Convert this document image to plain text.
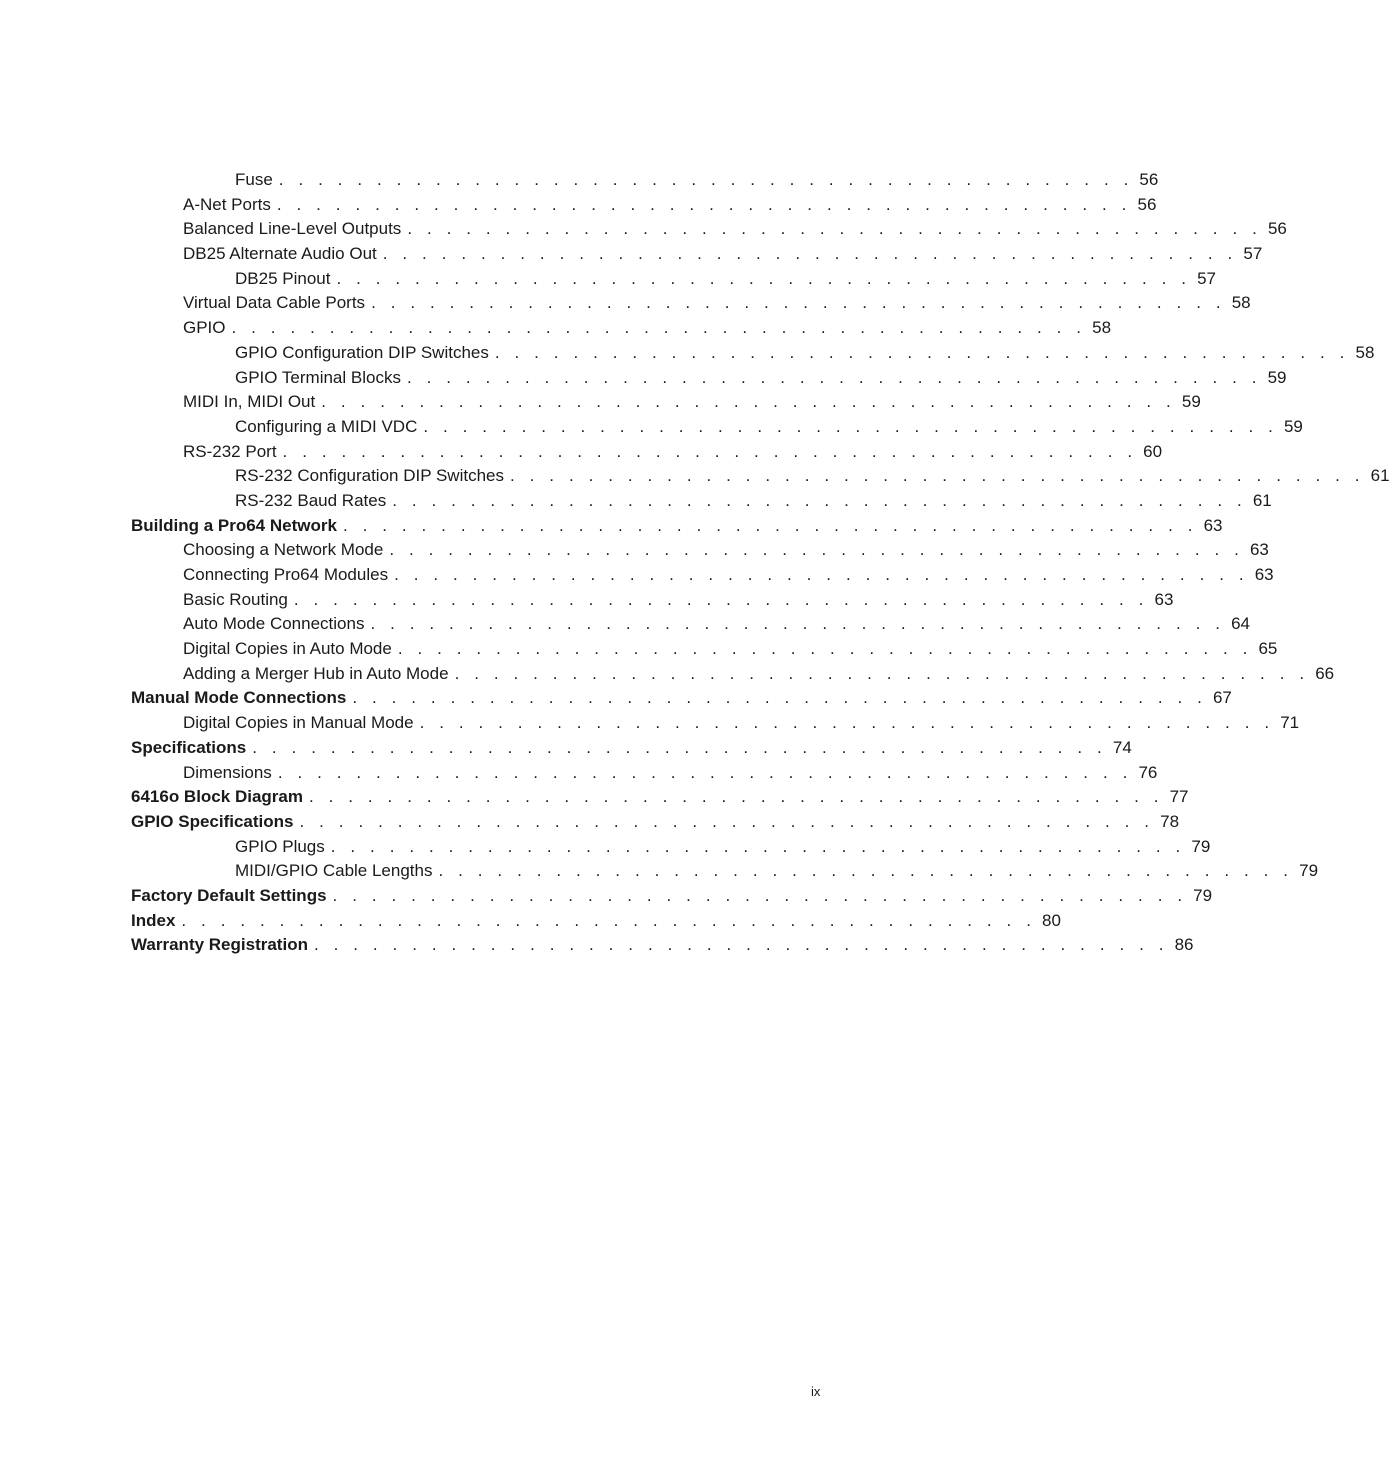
Fuse . . . . . . . . . . . . . . . . . . . . . . . . . . . . . . . . . . . . . . . . . . . . 56
A-Net Ports . . . . . . . . . . . . . . . . . . . . . . . . . . . . . . . . . . . . . . . . . . . . 56
Balanced Line-Level Outputs . . . . . . . . . . . . . . . . . . . . . . . . . . . . . . . . . . . . . . . . . . . . 56
DB25 Alternate Audio Out . . . . . . . . . . . . . . . . . . . . . . . . . . . . . . . . . . . . . . . . . . . . 57
DB25 Pinout . . . . . . . . . . . . . . . . . . . . . . . . . . . . . . . . . . . . . . . . . . . . 57
Virtual Data Cable Ports . . . . . . . . . . . . . . . . . . . . . . . . . . . . . . . . . . . . . . . . . . . . 58
GPIO . . . . . . . . . . . . . . . . . . . . . . . . . . . . . . . . . . . . . . . . . . . . 58
GPIO Configuration DIP Switches . . . . . . . . . . . . . . . . . . . . . . . . . . . . . . . . . . . . . . . . . . . . 58
GPIO Terminal Blocks . . . . . . . . . . . . . . . . . . . . . . . . . . . . . . . . . . . . . . . . . . . . 59
MIDI In, MIDI Out . . . . . . . . . . . . . . . . . . . . . . . . . . . . . . . . . . . . . . . . . . . . 59
Configuring a MIDI VDC . . . . . . . . . . . . . . . . . . . . . . . . . . . . . . . . . . . . . . . . . . . . 59
RS-232 Port . . . . . . . . . . . . . . . . . . . . . . . . . . . . . . . . . . . . . . . . . . . . 60
RS-232 Configuration DIP Switches . . . . . . . . . . . . . . . . . . . . . . . . . . . . . . . . . . . . . . . . . . . . 61
RS-232 Baud Rates . . . . . . . . . . . . . . . . . . . . . . . . . . . . . . . . . . . . . . . . . . . . 61
Building a Pro64 Network . . . . . . . . . . . . . . . . . . . . . . . . . . . . . . . . . . . . . . . . . . . . 63
Choosing a Network Mode . . . . . . . . . . . . . . . . . . . . . . . . . . . . . . . . . . . . . . . . . . . . 63
Connecting Pro64 Modules . . . . . . . . . . . . . . . . . . . . . . . . . . . . . . . . . . . . . . . . . . . . 63
Basic Routing . . . . . . . . . . . . . . . . . . . . . . . . . . . . . . . . . . . . . . . . . . . . 63
Auto Mode Connections . . . . . . . . . . . . . . . . . . . . . . . . . . . . . . . . . . . . . . . . . . . . 64
Digital Copies in Auto Mode . . . . . . . . . . . . . . . . . . . . . . . . . . . . . . . . . . . . . . . . . . . . 65
Adding a Merger Hub in Auto Mode . . . . . . . . . . . . . . . . . . . . . . . . . . . . . . . . . . . . . . . . . . . . 66
Manual Mode Connections . . . . . . . . . . . . . . . . . . . . . . . . . . . . . . . . . . . . . . . . . . . . 67
Digital Copies in Manual Mode . . . . . . . . . . . . . . . . . . . . . . . . . . . . . . . . . . . . . . . . . . . . 71
Specifications . . . . . . . . . . . . . . . . . . . . . . . . . . . . . . . . . . . . . . . . . . . . 74
Dimensions . . . . . . . . . . . . . . . . . . . . . . . . . . . . . . . . . . . . . . . . . . . . 76
6416o Block Diagram . . . . . . . . . . . . . . . . . . . . . . . . . . . . . . . . . . . . . . . . . . . . 77
GPIO Specifications . . . . . . . . . . . . . . . . . . . . . . . . . . . . . . . . . . . . . . . . . . . . 78
GPIO Plugs . . . . . . . . . . . . . . . . . . . . . . . . . . . . . . . . . . . . . . . . . . . . 79
MIDI/GPIO Cable Lengths . . . . . . . . . . . . . . . . . . . . . . . . . . . . . . . . . . . . . . . . . . . . 79
Factory Default Settings . . . . . . . . . . . . . . . . . . . . . . . . . . . . . . . . . . . . . . . . . . . . 79
Index . . . . . . . . . . . . . . . . . . . . . . . . . . . . . . . . . . . . . . . . . . . . 80
Warranty Registration . . . . . . . . . . . . . . . . . . . . . . . . . . . . . . . . . . . . . . . . . . . . 86
ix
